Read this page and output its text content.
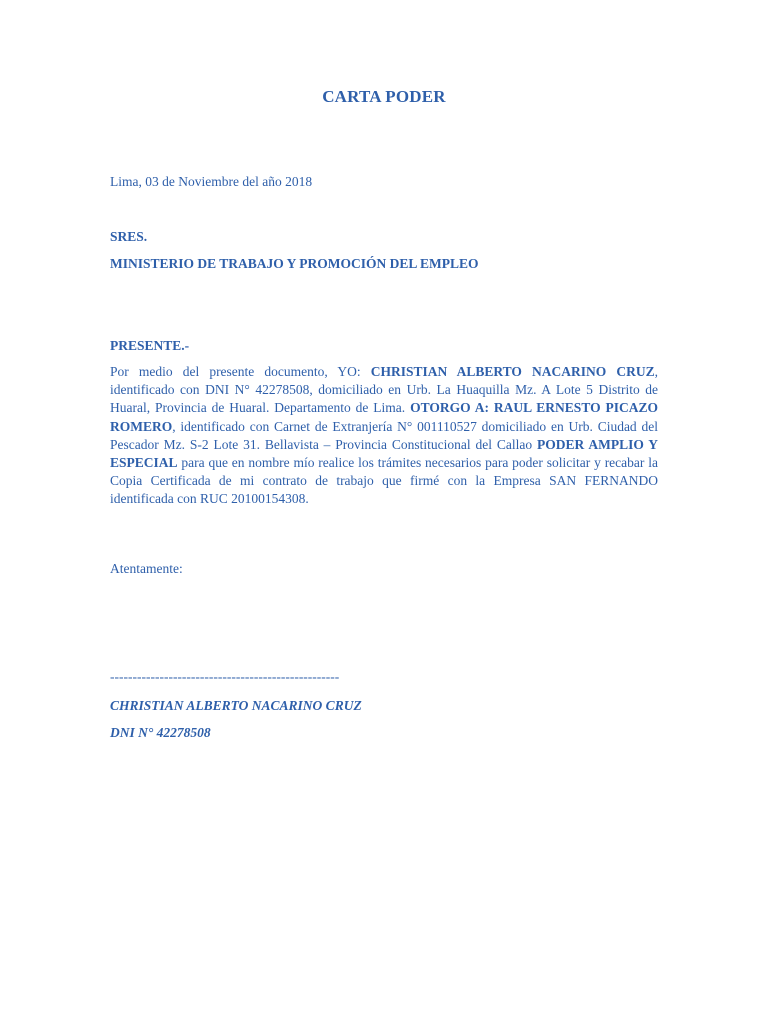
CARTA PODER
Lima, 03 de Noviembre del año 2018
SRES.
MINISTERIO DE TRABAJO Y PROMOCIÓN DEL EMPLEO
PRESENTE.-
Por medio del presente documento, YO: CHRISTIAN ALBERTO NACARINO CRUZ, identificado con DNI N° 42278508, domiciliado en Urb. La Huaquilla Mz. A Lote 5 Distrito de Huaral, Provincia de Huaral. Departamento de Lima. OTORGO A: RAUL ERNESTO PICAZO ROMERO, identificado con Carnet de Extranjería N° 001110527 domiciliado en Urb. Ciudad del Pescador Mz. S-2 Lote 31. Bellavista – Provincia Constitucional del Callao PODER AMPLIO Y ESPECIAL para que en nombre mío realice los trámites necesarios para poder solicitar y recabar la Copia Certificada de mi contrato de trabajo que firmé con la Empresa SAN FERNANDO identificada con RUC 20100154308.
Atentamente:
---------------------------------------------------
CHRISTIAN ALBERTO NACARINO CRUZ
DNI N° 42278508
